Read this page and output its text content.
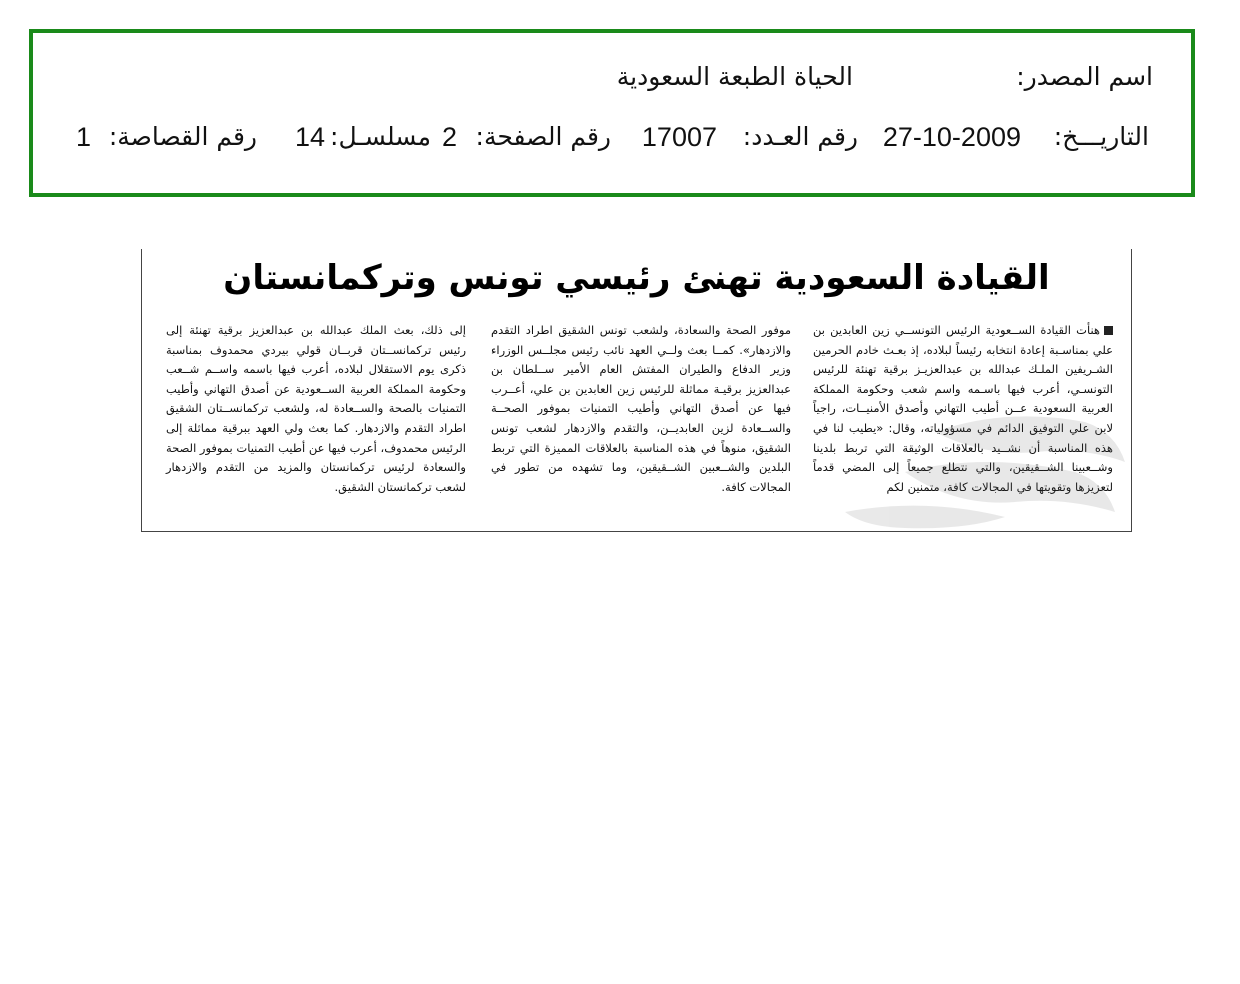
اسم المصدر:
الحياة الطبعة السعودية
التاريـــخ:
27-10-2009
رقم العـدد:
17007
رقم الصفحة:
2
مسلسـل:
14
رقم القصاصة:
1
القيادة السعودية تهنئ رئيسي تونس وتركمانستان
هنأت القيادة الســعودية الرئيس التونســي زين العابدين بن علي بمناسـبة إعادة انتخابه رئيساً لبلاده، إذ بعـث خادم الحرمين الشـريفين الملـك عبدالله بن عبدالعزيـز برقية تهنئة للرئيس التونسـي، أعرب فيها باسـمه واسم شعب وحكومة المملكة العربية السعودية عــن أطيب التهاني وأصدق الأمنيــات، راجياً لابن علي التوفيق الدائم في مسؤولياته، وقال: «يطيب لنا في هذه المناسبة أن نشــيد بالعلاقات الوثيقة التي تربط بلدينا وشــعبينا الشــقيقين، والتي نتطلع جميعاً إلى المضي قدماً لتعزيزها وتقويتها في المجالات كافة، متمنين لكم
موفور الصحة والسعادة، ولشعب تونس الشقيق اطراد التقدم والازدهار». كمــا بعث ولــي العهد نائب رئيس مجلــس الوزراء وزير الدفاع والطيران المفتش العام الأمير ســلطان بن عبدالعزيز برقيـة مماثلة للرئيس زين العابدين بن علي، أعــرب فيها عن أصدق التهاني وأطيب التمنيات بموفور الصحــة والســعادة لزين العابديــن، والتقدم والازدهار لشعب تونس الشقيق، منوهاً في هذه المناسبة بالعلاقات المميزة التي تربط البلدين والشــعبين الشــقيقين، وما تشهده من تطور في المجالات كافة.
إلى ذلك، بعث الملك عبدالله بن عبدالعزيز برقية تهنئة إلى رئيس تركمانســتان قربــان قولي بيردي محمدوف بمناسبة ذكرى يوم الاستقلال لبلاده، أعرب فيها باسمه واســم شــعب وحكومة المملكة العربية الســعودية عن أصدق التهاني وأطيب التمنيات بالصحة والســعادة له، ولشعب تركمانســتان الشقيق اطراد التقدم والازدهار. كما بعث ولي العهد ببرقية مماثلة إلى الرئيس محمدوف، أعرب فيها عن أطيب التمنيات بموفور الصحة والسعادة لرئيس تركمانستان والمزيد من التقدم والازدهار لشعب تركمانستان الشقيق.
